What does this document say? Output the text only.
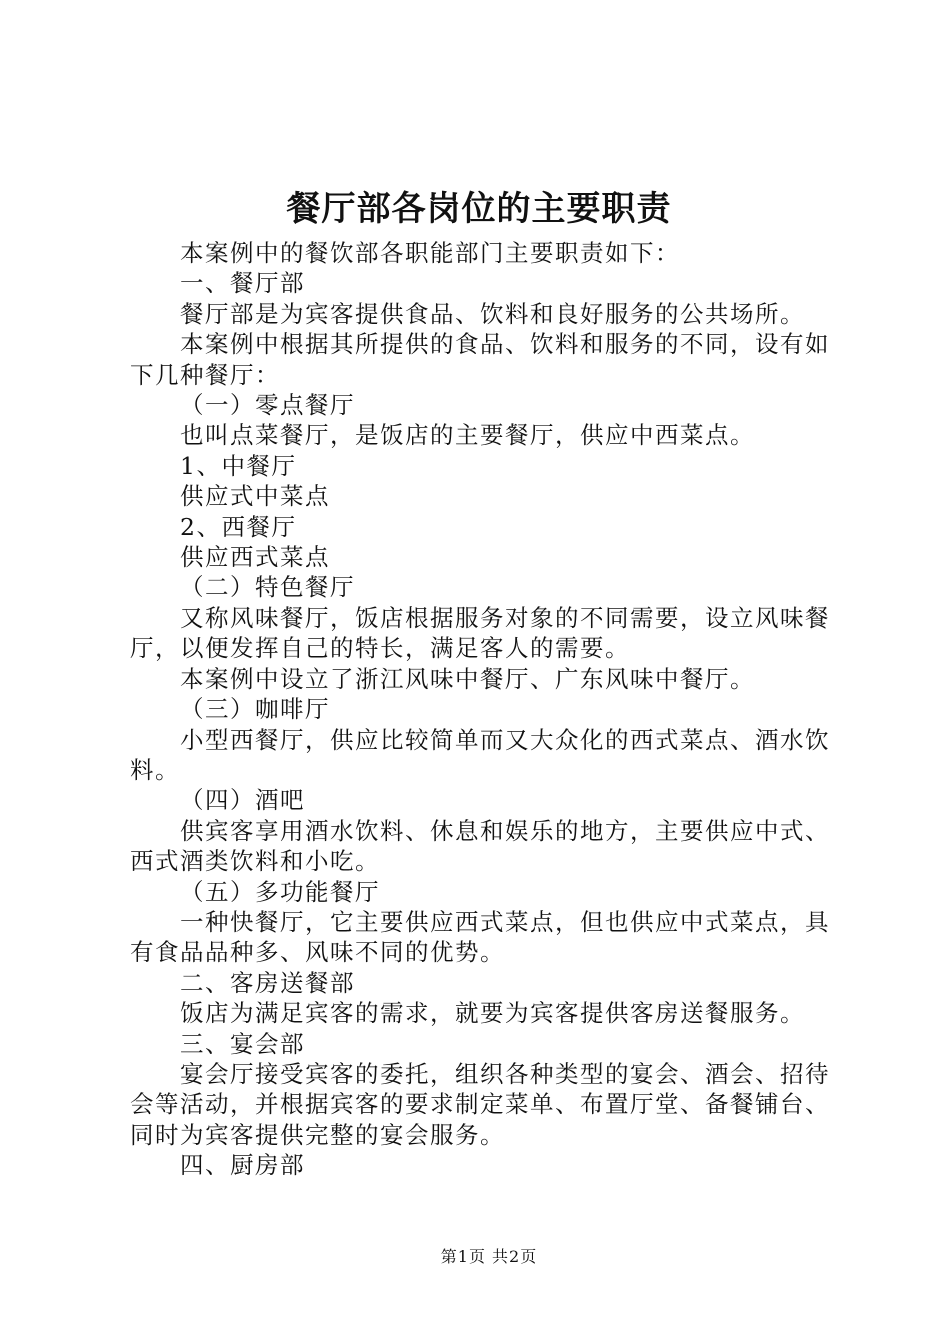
餐厅部各岗位的主要职责

本案例中的餐饮部各职能部门主要职责如下：

一、餐厅部

餐厅部是为宾客提供食品、饮料和良好服务的公共场所。

本案例中根据其所提供的食品、饮料和服务的不同，设有如下几种餐厅：

（一）零点餐厅

也叫点菜餐厅，是饭店的主要餐厅，供应中西菜点。

1、中餐厅

供应式中菜点

2、西餐厅

供应西式菜点

（二）特色餐厅

又称风味餐厅，饭店根据服务对象的不同需要，设立风味餐厅，以便发挥自己的特长，满足客人的需要。

本案例中设立了浙江风味中餐厅、广东风味中餐厅。

（三）咖啡厅

小型西餐厅，供应比较简单而又大众化的西式菜点、酒水饮料。

（四）酒吧

供宾客享用酒水饮料、休息和娱乐的地方，主要供应中式、西式酒类饮料和小吃。

（五）多功能餐厅

一种快餐厅，它主要供应西式菜点，但也供应中式菜点，具有食品品种多、风味不同的优势。

二、客房送餐部

饭店为满足宾客的需求，就要为宾客提供客房送餐服务。

三、宴会部

宴会厅接受宾客的委托，组织各种类型的宴会、酒会、招待会等活动，并根据宾客的要求制定菜单、布置厅堂、备餐铺台、同时为宾客提供完整的宴会服务。

四、厨房部

第1页 共2页
